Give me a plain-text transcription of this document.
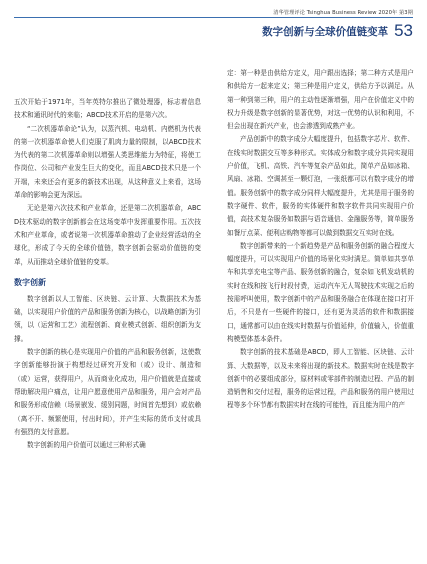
清华管理评论 Tsinghua Business Review 2020年 第3期
数字创新与全球价值链变革 53

五次开始于1971年，当年英特尔推出了微处理器，标志着信息技术和通讯时代的来临；ABCD技术开启的是第六次。

“二次机器革命论”认为，以蒸汽机、电动机、内燃机为代表的第一次机器革命使人们克服了肌肉力量的限制，以ABCD技术为代表的第二次机器革命则以增强人类思维能力为特征，将使工作岗位、公司和产业发生巨大的变化，而且ABCD技术只是一个开端，未来还会有更多的新技术出现，从这种意义上来看，这场革命的影响会更为深远。

无论是第六次技术和产业革命，还是第二次机器革命，ABCD技术驱动的数字创新都会在这场变革中发挥重要作用。五次技术和产业革命，或者说第一次机器革命推动了企业经营活动的全球化，形成了今天的全球价值链，数字创新会驱动价值链的变革，从而推动全球价值链的变革。

数字创新

数字创新以人工智能、区块链、云计算、大数据技术为基础，以实现用户价值的产品和服务创新为核心，以战略创新为引领，以（运营和工艺）流程创新、商业模式创新、组织创新为支撑。

数字创新的核心是实现用户价值的产品和服务创新，这使数字创新能够扮演于构想经过研究开发和（或）设计、制造和（或）运营，获得用户，从而商业化成功，用户价值就是直接或帮助解决用户痛点，让用户愿意使用产品和服务，用户会对产品和服务形成信赖（场景嵌发、缓别同题，时间首先想到）或依赖（离不开、频繁使用，付出时间），并产生实际的货币支付或具有强烈的支付意愿。

数字创新的用户价值可以通过三种形式确

定：第一种是由供给方定义，用户跟出选择；第二种方式是用户和供给方一起来定义；第三种是用户定义，供给方予以满足。从第一种到第三种，用户的主动性逐渐增强，用户在价值定义中的权力升级是数字创新的显著优势，对这一优势的认识和利用，不但会出现在新兴产业，也会渗透到成熟产业。

产品创新中的数字成分大幅度提升，包括数字芯片、软件、在线实时数据交互等多种形式。实体成分和数字成分共同实现用户价值，飞机、高铁、汽车等复杂产品如此，简单产品如冰箱、风扇、冰箱、空调甚至一颗灯泡，一张纸都可以有数字成分的增值。服务创新中的数字成分同样大幅度提升，尤其是用于服务的数字硬件、软件，服务的实体硬件和数字软件共同实现用户价值，高技术复杂服务如数据与语音通信、金融服务等，简单服务如餐厅点菜、便利店购物等都可以做到数据交互实时在线。

数字创新带来的一个新趋势是产品和服务创新的融合程度大幅度提升，可以实现用户价值的场景化实时满足。简单如共享单车和共享充电宝等产品、服务创新的融合，复杂如飞机发动机的实时在线和按飞行时段付费，运动汽车无人驾驶技术实现之后的按需呼叫使用，数字创新中的产品和服务融合在体现在接口打开后，不只是有一些硬件的接口，还有更为灵活的软件和数据接口，通常都可以由在线实时数据与价值延伸，价值输入，价值重构模型体基本条件。

数字创新的技术基础是ABCD，即人工智能、区块链、云计算、大数据等，以及未来将出现的新技术。数据实时在线是数字创新中的必要组成部分，原材料或零部件的制造过程、产品的制造销售和交付过程，服务的运营过程，产品和服务的用户使用过程等多个环节都有数据实时在线的可能性，而且能为用户的产
